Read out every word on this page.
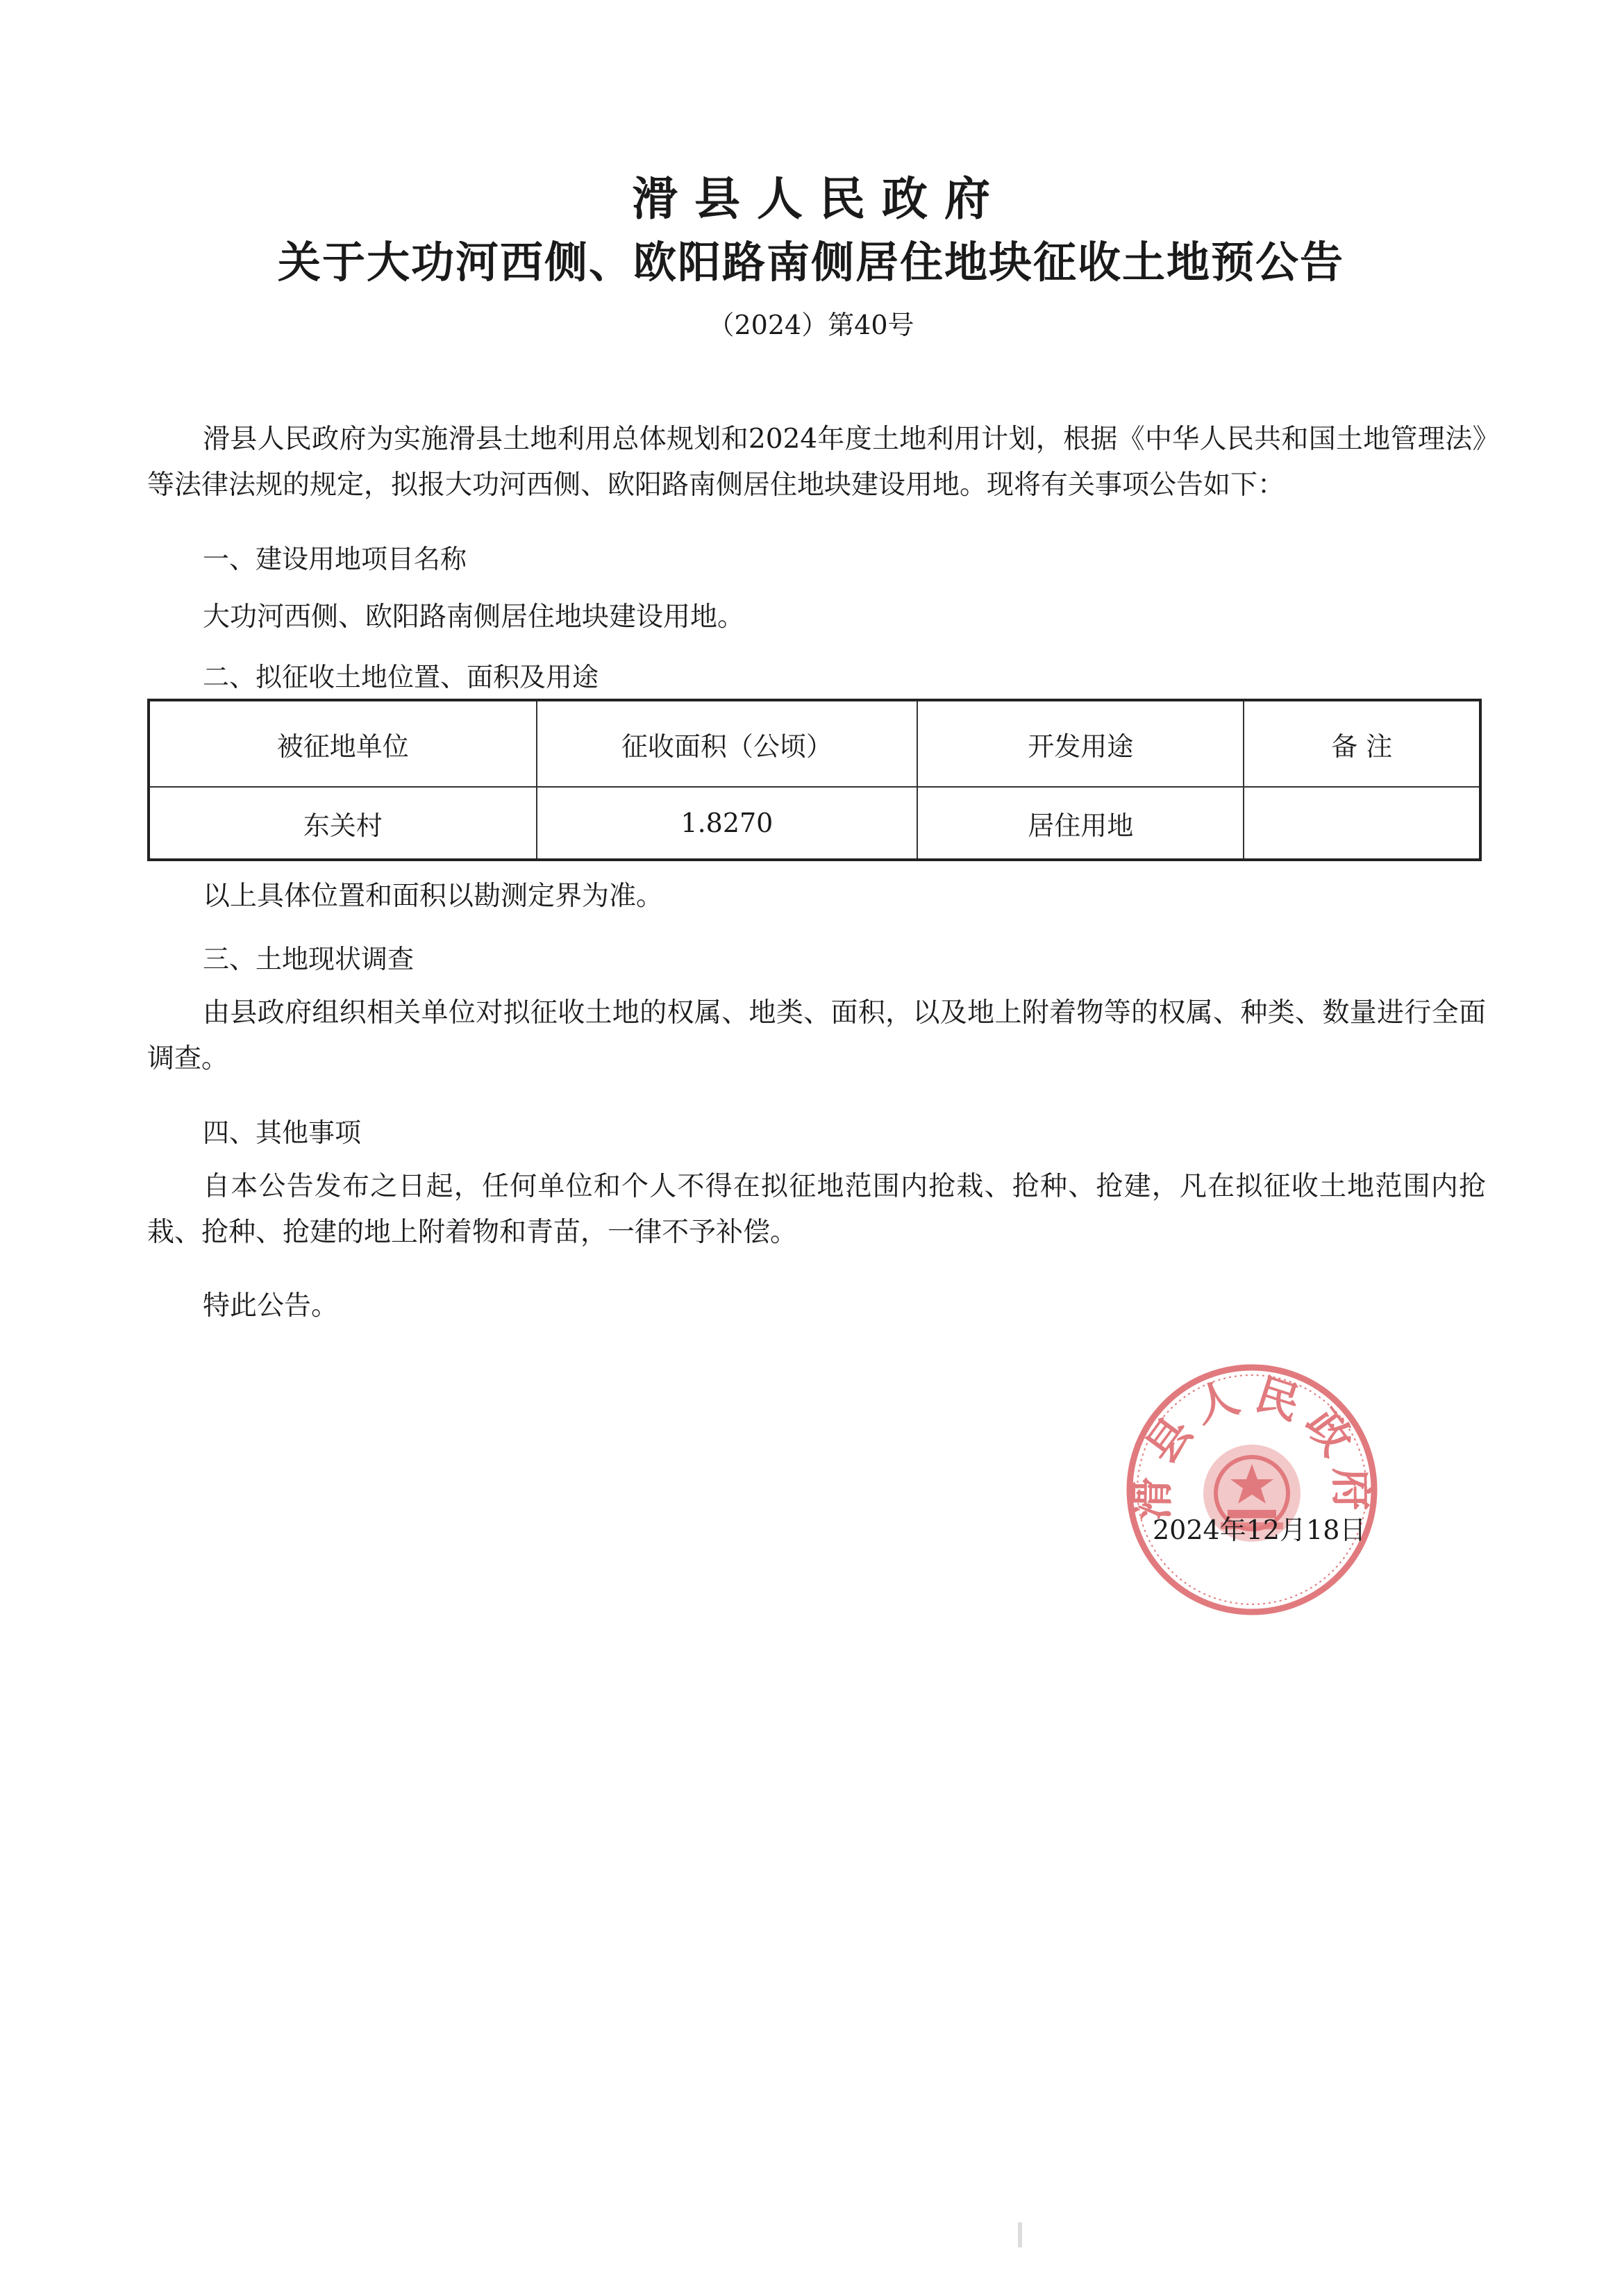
滑县人民政府
关于大功河西侧、欧阳路南侧居住地块征收土地预公告
（2024）第40号

滑县人民政府为实施滑县土地利用总体规划和2024年度土地利用计划，根据《中华人民共和国土地管理法》等法律法规的规定，拟报大功河西侧、欧阳路南侧居住地块建设用地。现将有关事项公告如下：

一、建设用地项目名称

大功河西侧、欧阳路南侧居住地块建设用地。

二、拟征收土地位置、面积及用途
被征地单位	征收面积（公顷）	开发用途	备 注
东关村	1.8270	居住用地	

以上具体位置和面积以勘测定界为准。

三、土地现状调查

由县政府组织相关单位对拟征收土地的权属、地类、面积，以及地上附着物等的权属、种类、数量进行全面调查。

四、其他事项

自本公告发布之日起，任何单位和个人不得在拟征地范围内抢栽、抢种、抢建，凡在拟征收土地范围内抢栽、抢种、抢建的地上附着物和青苗，一律不予补偿。

特此公告。

滑县人民政府
2024年12月18日
